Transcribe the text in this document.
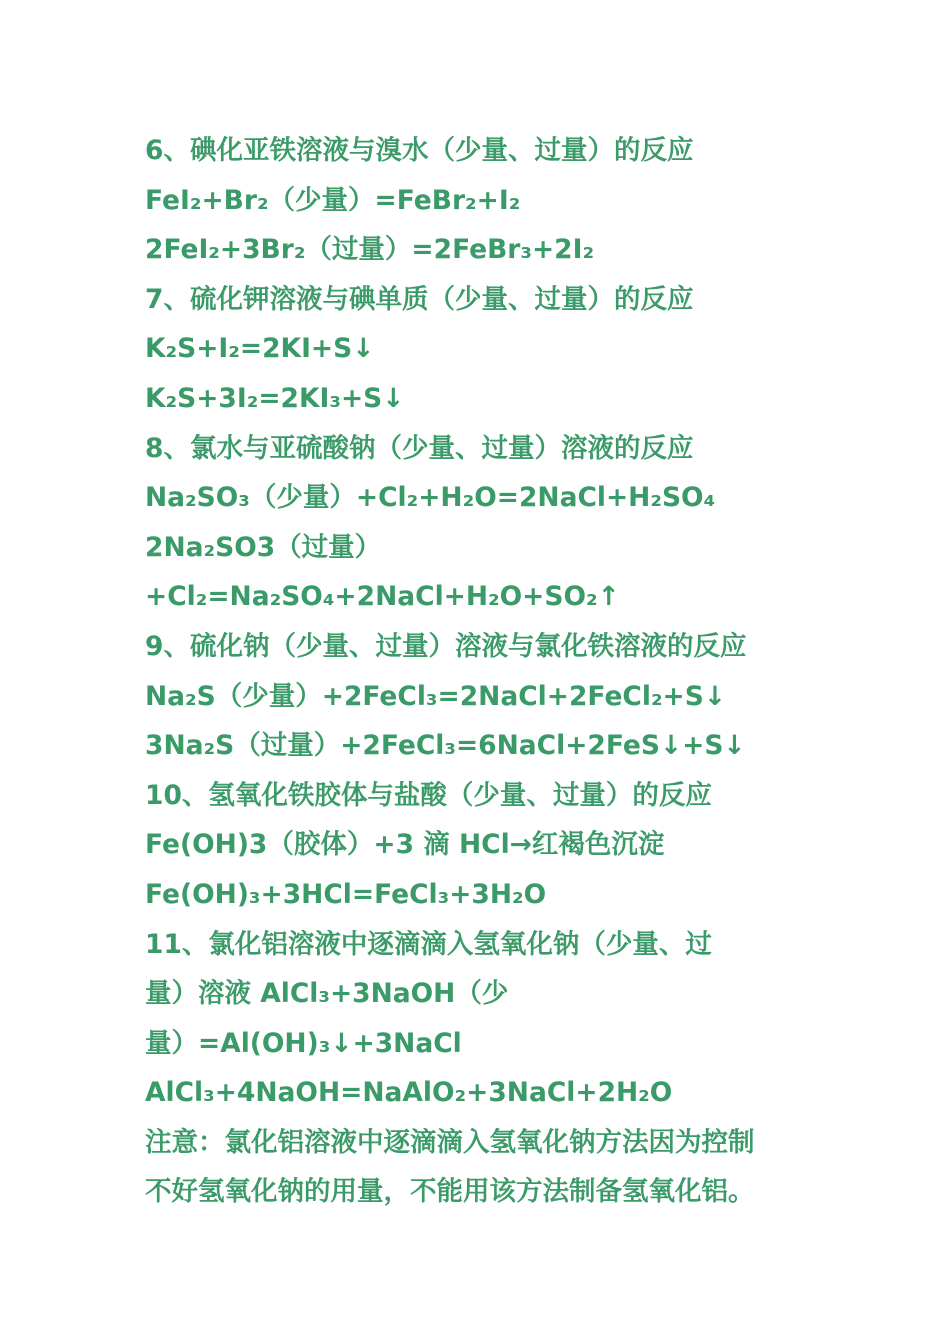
6、碘化亚铁溶液与溴水（少量、过量）的反应
FeI₂+Br₂（少量）=FeBr₂+I₂
2FeI₂+3Br₂（过量）=2FeBr₃+2I₂
7、硫化钾溶液与碘单质（少量、过量）的反应
K₂S+I₂=2KI+S↓
K₂S+3I₂=2KI₃+S↓
8、氯水与亚硫酸钠（少量、过量）溶液的反应
Na₂SO₃（少量）+Cl₂+H₂O=2NaCl+H₂SO₄
2Na₂SO3（过量）
+Cl₂=Na₂SO₄+2NaCl+H₂O+SO₂↑
9、硫化钠（少量、过量）溶液与氯化铁溶液的反应
Na₂S（少量）+2FeCl₃=2NaCl+2FeCl₂+S↓
3Na₂S（过量）+2FeCl₃=6NaCl+2FeS↓+S↓
10、氢氧化铁胶体与盐酸（少量、过量）的反应
Fe(OH)3（胶体）+3 滴 HCl→红褐色沉淀
Fe(OH)₃+3HCl=FeCl₃+3H₂O
11、氯化铝溶液中逐滴滴入氢氧化钠（少量、过
量）溶液 AlCl₃+3NaOH（少
量）=Al(OH)₃↓+3NaCl
AlCl₃+4NaOH=NaAlO₂+3NaCl+2H₂O
注意：氯化铝溶液中逐滴滴入氢氧化钠方法因为控制
不好氢氧化钠的用量，不能用该方法制备氢氧化铝。
